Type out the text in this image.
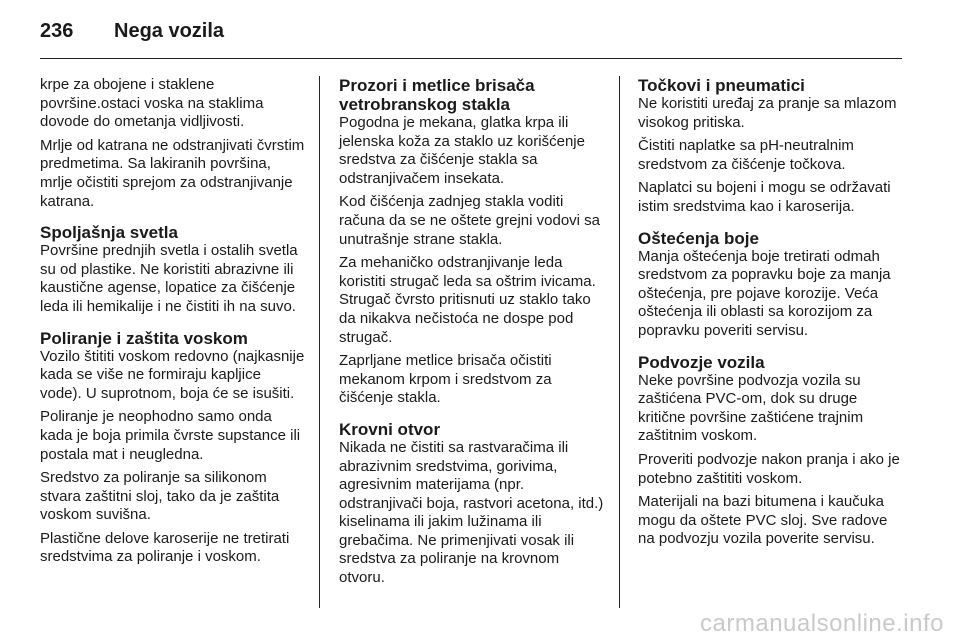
236 Nega vozila

krpe za obojene i staklene površine.ostaci voska na staklima dovode do ometanja vidljivosti.

Mrlje od katrana ne odstranjivati čvrstim predmetima. Sa lakiranih površina, mrlje očistiti sprejom za odstranjivanje katrana.

Spoljašnja svetla

Površine prednjih svetla i ostalih svetla su od plastike. Ne koristiti abrazivne ili kaustične agense, lopatice za čišćenje leda ili hemikalije i ne čistiti ih na suvo.

Poliranje i zaštita voskom

Vozilo štititi voskom redovno (najkasnije kada se više ne formiraju kapljice vode). U suprotnom, boja će se isušiti.

Poliranje je neophodno samo onda kada je boja primila čvrste supstance ili postala mat i neugledna.

Sredstvo za poliranje sa silikonom stvara zaštitni sloj, tako da je zaštita voskom suvišna.

Plastične delove karoserije ne tretirati sredstvima za poliranje i voskom.

Prozori i metlice brisača vetrobranskog stakla

Pogodna je mekana, glatka krpa ili jelenska koža za staklo uz korišćenje sredstva za čišćenje stakla sa odstranjivačem insekata.

Kod čišćenja zadnjeg stakla voditi računa da se ne oštete grejni vodovi sa unutrašnje strane stakla.

Za mehaničko odstranjivanje leda koristiti strugač leda sa oštrim ivicama. Strugač čvrsto pritisnuti uz staklo tako da nikakva nečistoća ne dospe pod strugač.

Zaprljane metlice brisača očistiti mekanom krpom i sredstvom za čišćenje stakla.

Krovni otvor

Nikada ne čistiti sa rastvaračima ili abrazivnim sredstvima, gorivima, agresivnim materijama (npr. odstranjivači boja, rastvori acetona, itd.) kiselinama ili jakim lužinama ili grebačima. Ne primenjivati vosak ili sredstva za poliranje na krovnom otvoru.

Točkovi i pneumatici

Ne koristiti uređaj za pranje sa mlazom visokog pritiska.

Čistiti naplatke sa pH-neutralnim sredstvom za čišćenje točkova.

Naplatci su bojeni i mogu se održavati istim sredstvima kao i karoserija.

Oštećenja boje

Manja oštećenja boje tretirati odmah sredstvom za popravku boje za manja oštećenja, pre pojave korozije. Veća oštećenja ili oblasti sa korozijom za popravku poveriti servisu.

Podvozje vozila

Neke površine podvozja vozila su zaštićena PVC-om, dok su druge kritične površine zaštićene trajnim zaštitnim voskom.

Proveriti podvozje nakon pranja i ako je potebno zaštititi voskom.

Materijali na bazi bitumena i kaučuka mogu da oštete PVC sloj. Sve radove na podvozju vozila poverite servisu.

carmanualsonline.info
